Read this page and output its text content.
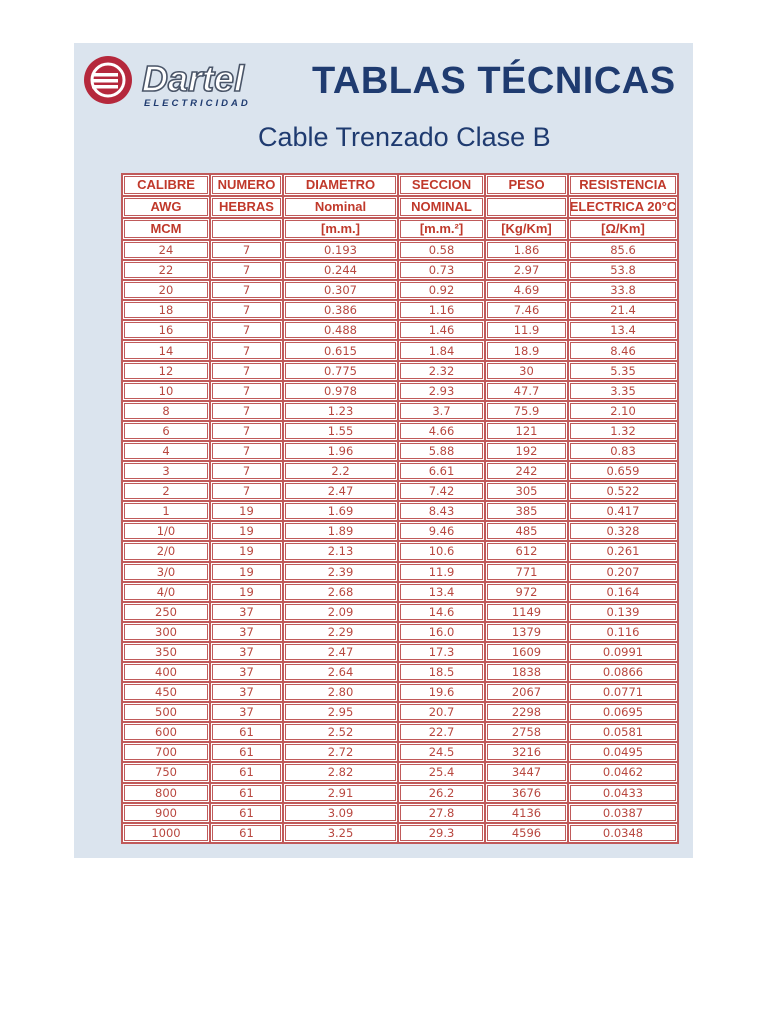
Dartel
ELECTRICIDAD
TABLAS TÉCNICAS
Cable Trenzado Clase B
CALIBRE	NUMERO	DIAMETRO	SECCION	PESO	RESISTENCIA
AWG	HEBRAS	Nominal	NOMINAL		ELECTRICA 20°C
MCM		[m.m.]	[m.m.²]	[Kg/Km]	[Ω/Km]
24	7	0.193	0.58	1.86	85.6
22	7	0.244	0.73	2.97	53.8
20	7	0.307	0.92	4.69	33.8
18	7	0.386	1.16	7.46	21.4
16	7	0.488	1.46	11.9	13.4
14	7	0.615	1.84	18.9	8.46
12	7	0.775	2.32	30	5.35
10	7	0.978	2.93	47.7	3.35
8	7	1.23	3.7	75.9	2.10
6	7	1.55	4.66	121	1.32
4	7	1.96	5.88	192	0.83
3	7	2.2	6.61	242	0.659
2	7	2.47	7.42	305	0.522
1	19	1.69	8.43	385	0.417
1/0	19	1.89	9.46	485	0.328
2/0	19	2.13	10.6	612	0.261
3/0	19	2.39	11.9	771	0.207
4/0	19	2.68	13.4	972	0.164
250	37	2.09	14.6	1149	0.139
300	37	2.29	16.0	1379	0.116
350	37	2.47	17.3	1609	0.0991
400	37	2.64	18.5	1838	0.0866
450	37	2.80	19.6	2067	0.0771
500	37	2.95	20.7	2298	0.0695
600	61	2.52	22.7	2758	0.0581
700	61	2.72	24.5	3216	0.0495
750	61	2.82	25.4	3447	0.0462
800	61	2.91	26.2	3676	0.0433
900	61	3.09	27.8	4136	0.0387
1000	61	3.25	29.3	4596	0.0348
